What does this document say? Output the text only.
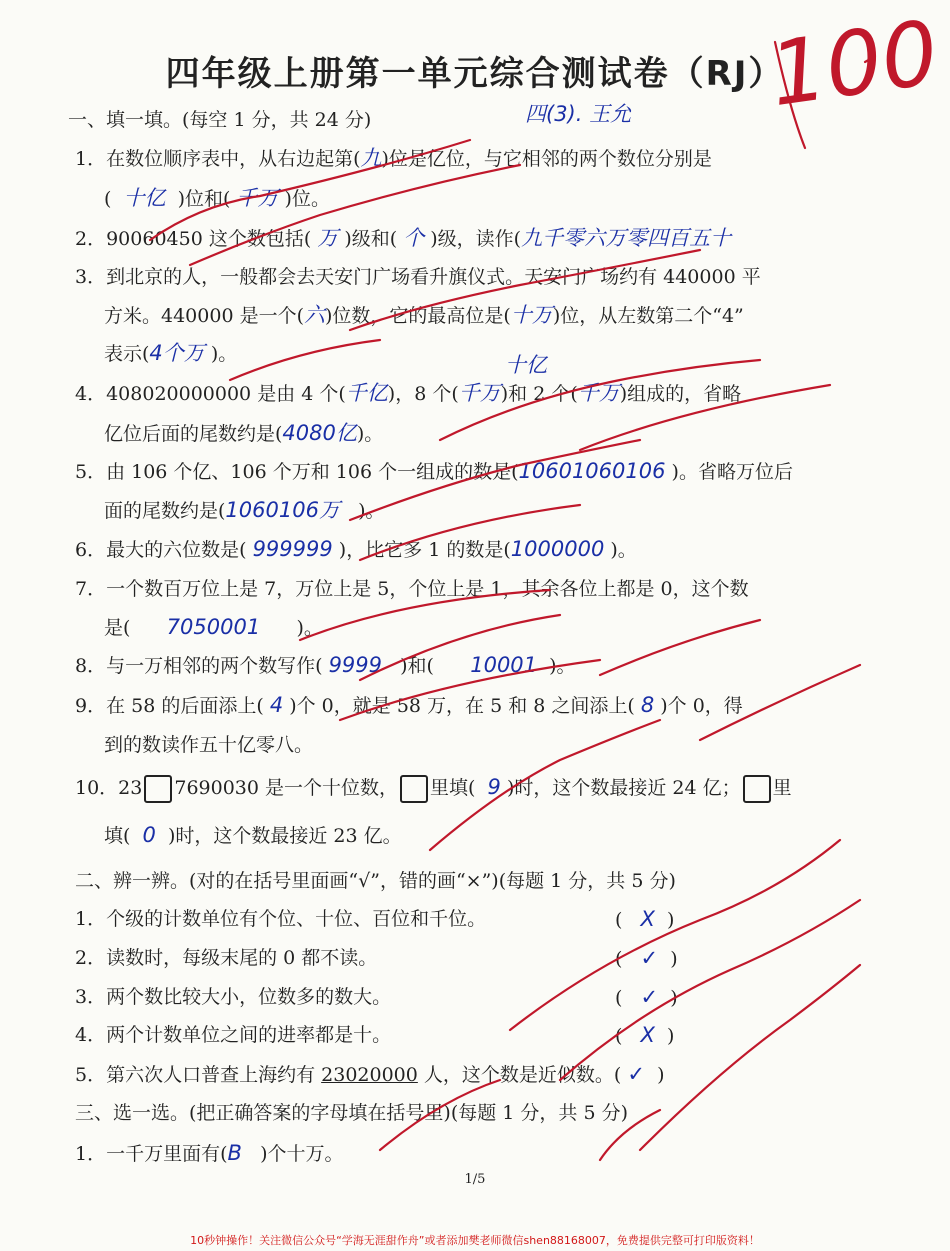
四年级上册第一单元综合测试卷（RJ）
100
四(3). 王允
一、填一填。(每空 1 分，共 24 分)
1．在数位顺序表中，从右边起第(九)位是亿位，与它相邻的两个数位分别是
( 十亿 )位和( 千万 )位。
2．90060450 这个数包括( 万 )级和( 个 )级，读作(九千零六万零四百五十
3．到北京的人，一般都会去天安门广场看升旗仪式。天安门广场约有 440000 平
方米。440000 是一个(六)位数，它的最高位是(十万)位，从左数第二个“4”
表示(4个万 )。	十亿
4．408020000000 是由 4 个(千亿)，8 个(千万)和 2 个(千万)组成的，省略
亿位后面的尾数约是(4080亿)。
5．由 106 个亿、106 个万和 106 个一组成的数是(10601060106 )。省略万位后
面的尾数约是(1060106万 )。
6．最大的六位数是( 999999 )，比它多 1 的数是(1000000 )。
7．一个数百万位上是 7，万位上是 5，个位上是 1，其余各位上都是 0，这个数
是( 7050001 )。
8．与一万相邻的两个数写作( 9999 )和( 10001 )。
9．在 58 的后面添上( 4 )个 0，就是 58 万，在 5 和 8 之间添上( 8 )个 0，得
到的数读作五十亿零八。
10．23 7690030 是一个十位数， 里填( 9 )时，这个数最接近 24 亿； 里
填( 0 )时，这个数最接近 23 亿。
二、辨一辨。(对的在括号里面画“√”，错的画“×”)(每题 1 分，共 5 分)
1．个级的计数单位有个位、十位、百位和千位。	(   X  )
2．读数时，每级末尾的 0 都不读。	(   ✓  )
3．两个数比较大小，位数多的数大。	(   ✓  )
4．两个计数单位之间的进率都是十。	(   X  )
5．第六次人口普查上海约有 23020000 人，这个数是近似数。( ✓ )
三、选一选。(把正确答案的字母填在括号里)(每题 1 分，共 5 分)
1．一千万里面有(B )个十万。
1/5
10秒钟操作！关注微信公众号“学海无涯甜作舟”或者添加樊老师微信shen88168007，免费提供完整可打印版资料！
